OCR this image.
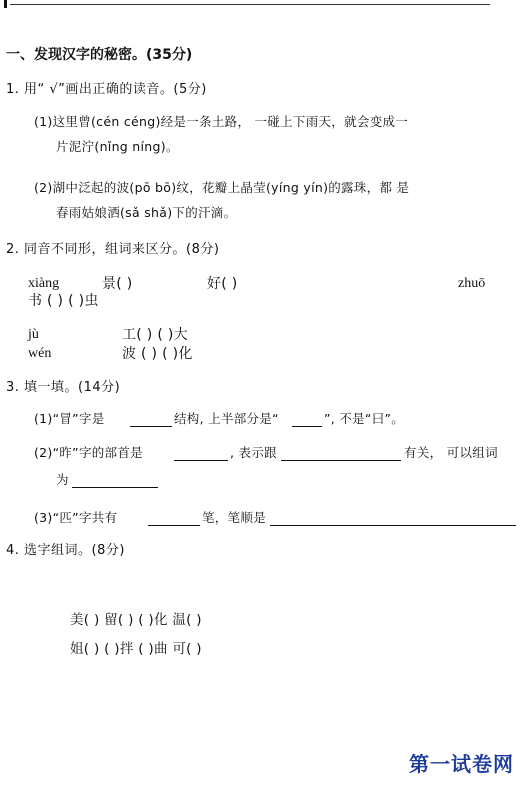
一、发现汉字的秘密。(35分)
1. 用“ √”画出正确的读音。(5分)
(1)这里曾(cén céng)经是一条土路， 一碰上下雨天，就会变成一
片泥泞(nǐng níng)。
(2)湖中泛起的波(pō bō)纹，花瓣上晶莹(yíng yín)的露珠，都 是
春雨姑娘洒(sǎ shǎ)下的汗滴。
2. 同音不同形，组词来区分。(8分)
xiàng	景( )	好( )	zhuō
书 ( ) ( )虫
jù	工( ) ( )大
wén	波 ( ) ( )化
3. 填一填。(14分)
(1)“冒”字是	结构, 上半部分是“	”, 不是“曰”。
(2)“昨”字的部首是	, 表示跟	有关， 可以组词
为
(3)“匹”字共有	笔，笔顺是
4. 选字组词。(8分)
美( ) 留( ) ( )化 温( )
姐( ) ( )拌 ( )曲 可( )
第一试卷网
